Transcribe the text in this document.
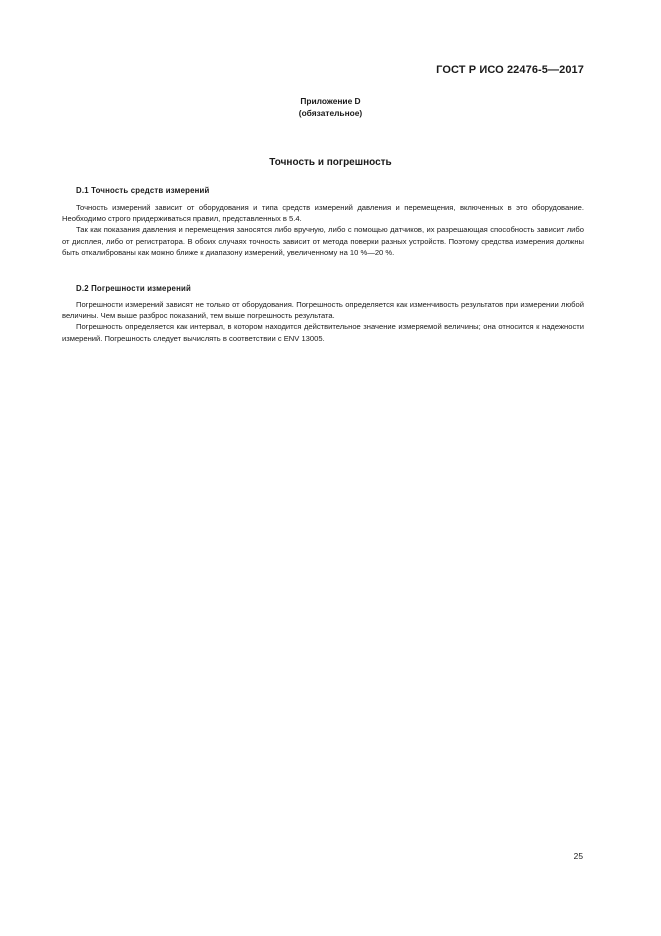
ГОСТ Р ИСО 22476-5—2017
Приложение D
(обязательное)
Точность и погрешность
D.1 Точность средств измерений

Точность измерений зависит от оборудования и типа средств измерений давления и перемещения, включенных в это оборудование. Необходимо строго придерживаться правил, представленных в 5.4.

Так как показания давления и перемещения заносятся либо вручную, либо с помощью датчиков, их разрешающая способность зависит либо от дисплея, либо от регистратора. В обоих случаях точность зависит от метода поверки разных устройств. Поэтому средства измерения должны быть откалиброваны как можно ближе к диапазону измерений, увеличенному на 10 %—20 %.

D.2 Погрешности измерений

Погрешности измерений зависят не только от оборудования. Погрешность определяется как изменчивость результатов при измерении любой величины. Чем выше разброс показаний, тем выше погрешность результата.

Погрешность определяется как интервал, в котором находится действительное значение измеряемой величины; она относится к надежности измерений. Погрешность следует вычислять в соответствии с ENV 13005.

25
